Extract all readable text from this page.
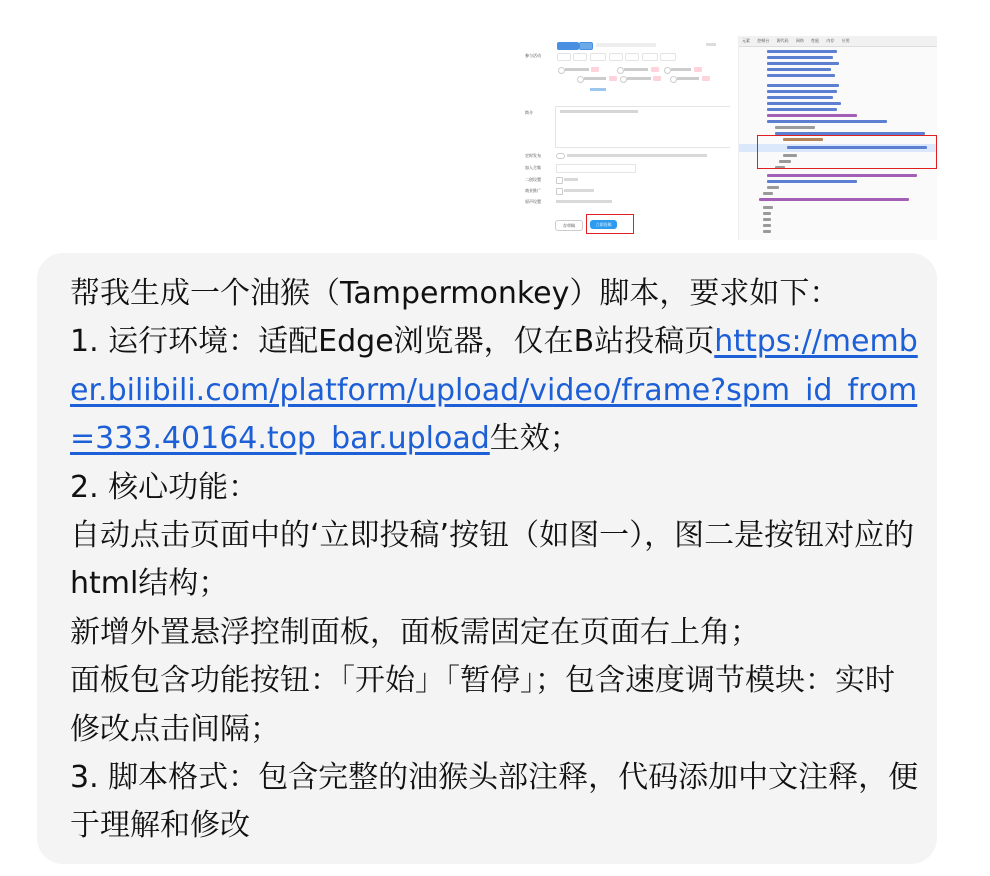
参与活动
简介
定时发布
加入合集
二创设置
商业推广
原声设置
存草稿	立即投稿
元素 控制台 源代码 网络 性能 内存 应用

帮我生成一个油猴（Tampermonkey）脚本，要求如下：

1. 运行环境：适配Edge浏览器，仅在B站投稿页https://member.bilibili.com/platform/upload/video/frame?spm_id_from=333.40164.top_bar.upload生效；

2. 核心功能：

自动点击页面中的‘立即投稿’按钮（如图一），图二是按钮对应的html结构；

新增外置悬浮控制面板，面板需固定在页面右上角；

面板包含功能按钮：「开始」「暂停」；包含速度调节模块：实时修改点击间隔；

3. 脚本格式：包含完整的油猴头部注释，代码添加中文注释，便于理解和修改
